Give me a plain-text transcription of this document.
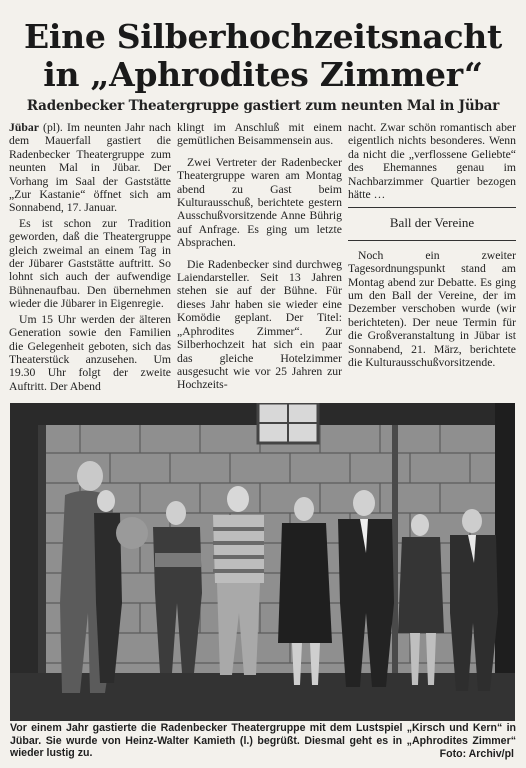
Eine Silberhochzeitsnacht
in „Aphrodites Zimmer“
Radenbecker Theatergruppe gastiert zum neunten Mal in Jübar

Jübar (pl). Im neunten Jahr nach dem Mauerfall gastiert die Radenbecker Theatergruppe zum neunten Mal in Jübar. Der Vorhang im Saal der Gaststätte „Zur Kastanie“ öffnet sich am Sonnabend, 17. Januar.

Es ist schon zur Tradition geworden, daß die Theatergruppe gleich zweimal an einem Tag in der Jübarer Gaststätte auftritt. So lohnt sich auch der aufwendige Bühnenaufbau. Den übernehmen wieder die Jübarer in Eigenregie.

Um 15 Uhr werden der älteren Generation sowie den Familien die Gelegenheit geboten, sich das Theaterstück anzusehen. Um 19.30 Uhr folgt der zweite Auftritt. Der Abend

klingt im Anschluß mit einem gemütlichen Beisammensein aus.

Zwei Vertreter der Radenbecker Theatergruppe waren am Montag abend zu Gast beim Kulturausschuß, berichtete gestern Ausschußvorsitzende Anne Bührig auf Anfrage. Es ging um letzte Absprachen.

Die Radenbecker sind durchweg Laiendarsteller. Seit 13 Jahren stehen sie auf der Bühne. Für dieses Jahr haben sie wieder eine Komödie geplant. Der Titel: „Aphrodites Zimmer“. Zur Silberhochzeit hat sich ein paar das gleiche Hotelzimmer ausgesucht wie vor 25 Jahren zur Hochzeits-

nacht. Zwar schön romantisch aber eigentlich nichts besonderes. Wenn da nicht die „verflossene Geliebte“ des Ehemannes genau im Nachbarzimmer Quartier bezogen hätte …

Ball der Vereine

Noch ein zweiter Tagesordnungspunkt stand am Montag abend zur Debatte. Es ging um den Ball der Vereine, der im Dezember verschoben wurde (wir berichteten). Der neue Termin für die Großveranstaltung in Jübar ist Sonnabend, 21. März, berichtete die Kulturausschußvorsitzende.

Vor einem Jahr gastierte die Radenbecker Theatergruppe mit dem Lustspiel „Kirsch und Kern“ in Jübar. Sie wurde von Heinz-Walter Kamieth (l.) begrüßt. Diesmal geht es in „Aphrodites Zimmer“ wieder lustig zu.	Foto: Archiv/pl
